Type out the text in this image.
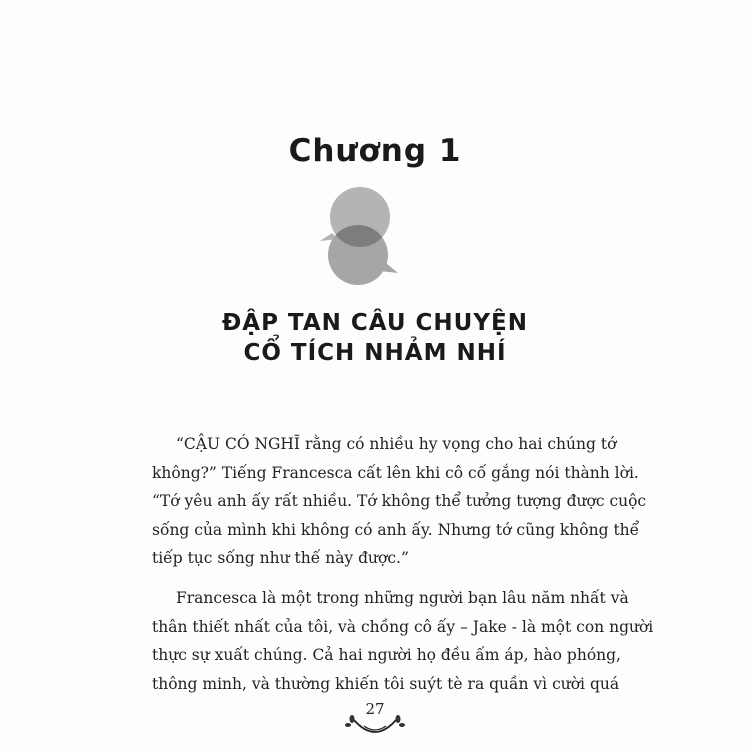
Chương 1
ĐẬP TAN CÂU CHUYỆN
CỔ TÍCH NHẢM NHÍ
“CẬU CÓ NGHĨ rằng có nhiều hy vọng cho hai chúng tớ
không?” Tiếng Francesca cất lên khi cô cố gắng nói thành lời.
“Tớ yêu anh ấy rất nhiều. Tớ không thể tưởng tượng được cuộc
sống của mình khi không có anh ấy. Nhưng tớ cũng không thể
tiếp tục sống như thế này được.”
Francesca là một trong những người bạn lâu năm nhất và
thân thiết nhất của tôi, và chồng cô ấy – Jake - là một con người
thực sự xuất chúng. Cả hai người họ đều ấm áp, hào phóng,
thông minh, và thường khiến tôi suýt tè ra quần vì cười quá
27
